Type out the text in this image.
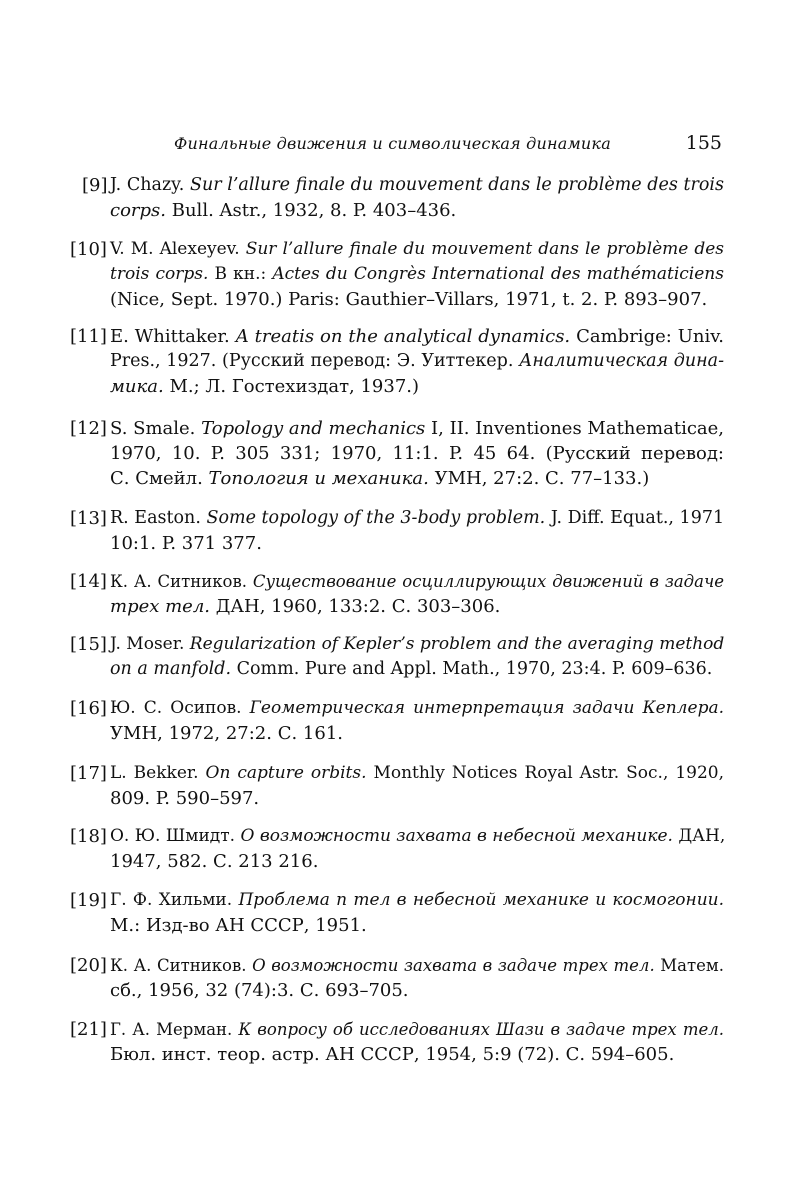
Финальные движения и символическая динамика	155
[9] J. Chazy. Sur l’allure finale du mouvement dans le problème des trois
corps. Bull. Astr., 1932, 8. P. 403–436.
[10] V. M. Alexeyev. Sur l’allure finale du mouvement dans le problème des
trois corps. В кн.: Actes du Congrès International des mathématiciens
(Nice, Sept. 1970.) Paris: Gauthier–Villars, 1971, t. 2. P. 893–907.
[11] E. Whittaker. A treatis on the analytical dynamics. Cambrige: Univ.
Pres., 1927. (Русский перевод: Э. Уиттекер. Аналитическая дина-
мика. М.; Л. Гостехиздат, 1937.)
[12] S. Smale. Topology and mechanics I, II. Inventiones Mathematicae,
1970, 10. P. 305 331; 1970, 11:1. P. 45 64. (Русский перевод:
С. Смейл. Топология и механика. УМН, 27:2. С. 77–133.)
[13] R. Easton. Some topology of the 3-body problem. J. Diff. Equat., 1971
10:1. P. 371 377.
[14] К. А. Ситников. Существование осциллирующих движений в задаче
трех тел. ДАН, 1960, 133:2. С. 303–306.
[15] J. Moser. Regularization of Kepler’s problem and the averaging method
on a manfold. Comm. Pure and Appl. Math., 1970, 23:4. P. 609–636.
[16] Ю. С. Осипов. Геометрическая интерпретация задачи Кеплера.
УМН, 1972, 27:2. С. 161.
[17] L. Bekker. On capture orbits. Monthly Notices Royal Astr. Soc., 1920,
809. P. 590–597.
[18] О. Ю. Шмидт. О возможности захвата в небесной механике. ДАН,
1947, 582. С. 213 216.
[19] Г. Ф. Хильми. Проблема n тел в небесной механике и космогонии.
М.: Изд-во АН СССР, 1951.
[20] К. А. Ситников. О возможности захвата в задаче трех тел. Матем.
сб., 1956, 32 (74):3. С. 693–705.
[21] Г. А. Мерман. К вопросу об исследованиях Шази в задаче трех тел.
Бюл. инст. теор. астр. АН СССР, 1954, 5:9 (72). С. 594–605.
